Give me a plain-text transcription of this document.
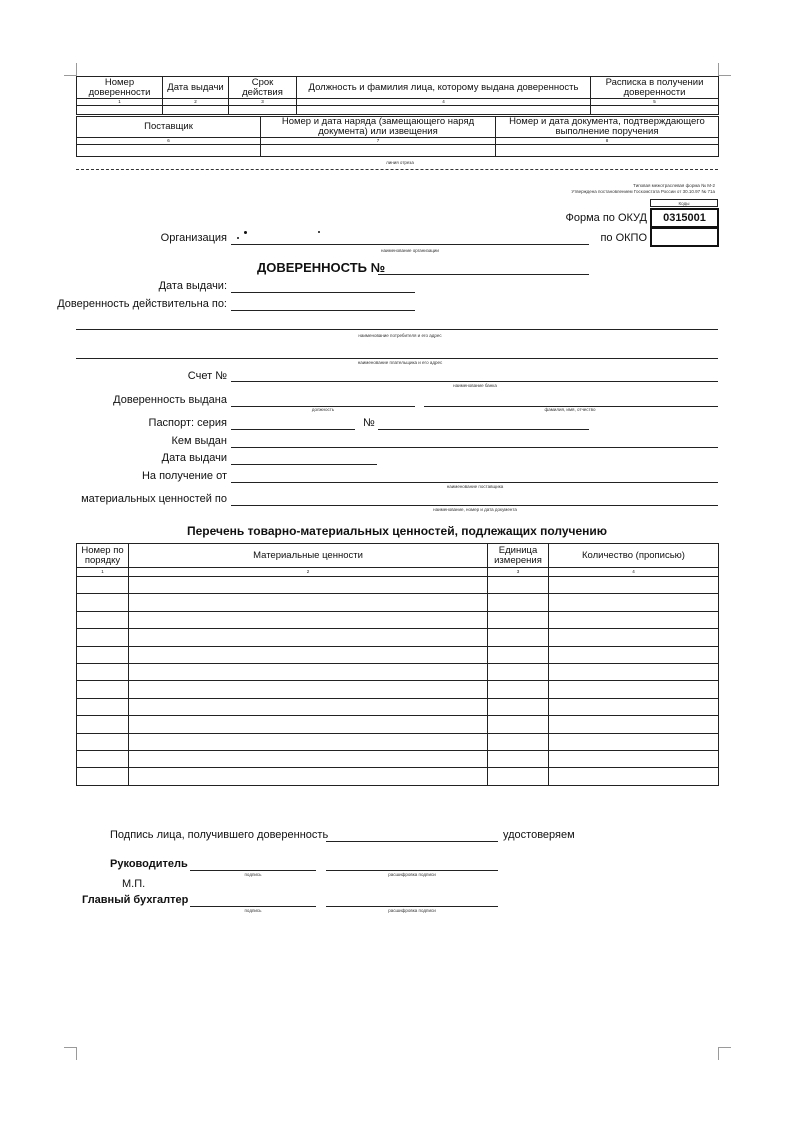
Номер доверенности	Дата выдачи	Срок действия	Должность и фамилия лица, которому выдана доверенность	Расписка в получении доверенности
1	2	3	4	5

Поставщик	Номер и дата наряда (замещающего наряд документа) или извещения	Номер и дата документа, подтверждающего выполнение поручения
6	7	8

линия отреза
Типовая межотраслевая форма № М-2
Утверждена постановлением Госкомстата России от 30.10.97 № 71а
Коды
Форма по ОКУД	0315001
по ОКПО
Организация
наименование организации
ДОВЕРЕННОСТЬ №
Дата выдачи:
Доверенность действительна по:
наименование потребителя и его адрес
наименование плательщика и его адрес
Счет №
наименование банка
Доверенность выдана
должность	фамилия, имя, отчество
Паспорт: серия	№
Кем выдан
Дата выдачи
На получение от
наименование поставщика
материальных ценностей по
наименование, номер и дата документа
Перечень товарно-материальных ценностей, подлежащих получению
Номер по порядку	Материальные ценности	Единица измерения	Количество (прописью)
1	2	3	4

Подпись лица, получившего доверенность	удостоверяем
Руководитель
подпись	расшифровка подписи
М.П.
Главный бухгалтер
подпись	расшифровка подписи
